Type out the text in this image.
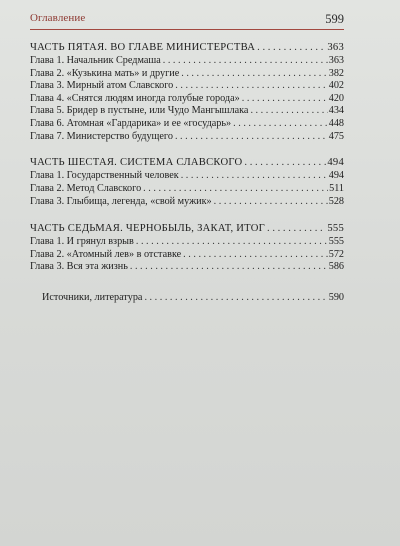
Оглавление	599
ЧАСТЬ ПЯТАЯ. ВО ГЛАВЕ МИНИСТЕРСТВА . . .	363
Глава 1. Начальник Средмаша . . .	363
Глава 2. «Кузькина мать» и другие . . .	382
Глава 3. Мирный атом Славского . . .	402
Глава 4. «Снятся людям иногда голубые города» . . .	420
Глава 5. Бридер в пустыне, или Чудо Мангышлака . . .	434
Глава 6. Атомная «Гардарика» и ее «государь» . . .	448
Глава 7. Министерство будущего . . .	475
ЧАСТЬ ШЕСТАЯ. СИСТЕМА СЛАВСКОГО . . .	494
Глава 1. Государственный человек . . .	494
Глава 2. Метод Славского . . .	511
Глава 3. Глыбища, легенда, «свой мужик» . . .	528
ЧАСТЬ СЕДЬМАЯ. ЧЕРНОБЫЛЬ, ЗАКАТ, ИТОГ . . .	555
Глава 1. И грянул взрыв . . .	555
Глава 2. «Атомный лев» в отставке . . .	572
Глава 3. Вся эта жизнь . . .	586
Источники, литература . . .	590
